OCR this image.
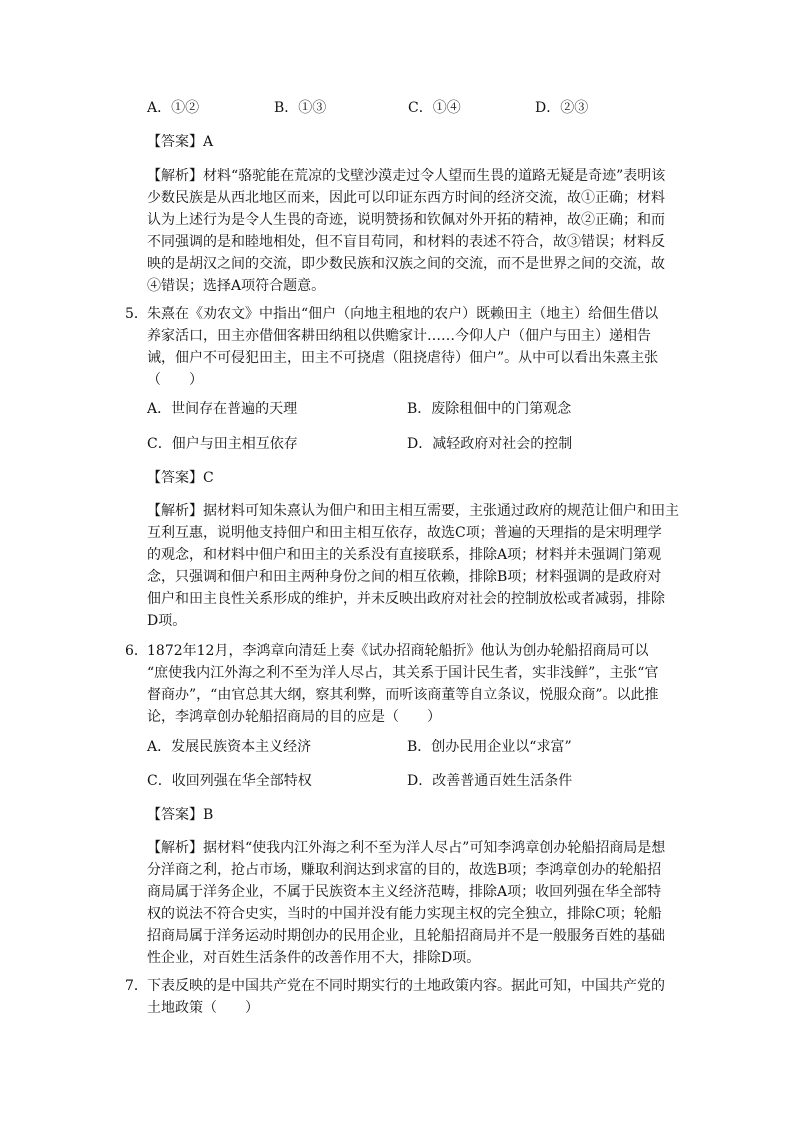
A．①②	B．①③	C．①④	D．②③
【答案】A
【解析】材料“骆驼能在荒凉的戈壁沙漠走过令人望而生畏的道路无疑是奇迹”表明该
少数民族是从西北地区而来，因此可以印证东西方时间的经济交流，故①正确；材料
认为上述行为是令人生畏的奇迹，说明赞扬和钦佩对外开拓的精神，故②正确；和而
不同强调的是和睦地相处，但不盲目苟同，和材料的表述不符合，故③错误；材料反
映的是胡汉之间的交流，即少数民族和汉族之间的交流，而不是世界之间的交流，故
④错误；选择A项符合题意。
5． 朱熹在《劝农文》中指出“佃户（向地主租地的农户）既赖田主（地主）给佃生借以
养家活口，田主亦借佃客耕田纳租以供赡家计……今仰人户（佃户与田主）递相告
诫，佃户不可侵犯田主，田主不可挠虐（阻挠虐待）佃户”。从中可以看出朱熹主张
（　　）
A．世间存在普遍的天理	B．废除租佃中的门第观念
C．佃户与田主相互依存	D．减轻政府对社会的控制
【答案】C
【解析】据材料可知朱熹认为佃户和田主相互需要，主张通过政府的规范让佃户和田主
互利互惠，说明他支持佃户和田主相互依存，故选C项；普遍的天理指的是宋明理学
的观念，和材料中佃户和田主的关系没有直接联系，排除A项；材料并未强调门第观
念，只强调和佃户和田主两种身份之间的相互依赖，排除B项；材料强调的是政府对
佃户和田主良性关系形成的维护，并未反映出政府对社会的控制放松或者减弱，排除
D项。
6． 1872年12月，李鸿章向清廷上奏《试办招商轮船折》他认为创办轮船招商局可以
“庶使我内江外海之利不至为洋人尽占，其关系于国计民生者，实非浅鲜”，主张“官
督商办”，“由官总其大纲，察其利弊，而听该商董等自立条议，悦服众商”。以此推
论，李鸿章创办轮船招商局的目的应是（　　）
A．发展民族资本主义经济	B．创办民用企业以“求富”
C．收回列强在华全部特权	D．改善普通百姓生活条件
【答案】B
【解析】据材料“使我内江外海之利不至为洋人尽占”可知李鸿章创办轮船招商局是想
分洋商之利，抢占市场，赚取利润达到求富的目的，故选B项；李鸿章创办的轮船招
商局属于洋务企业，不属于民族资本主义经济范畴，排除A项；收回列强在华全部特
权的说法不符合史实，当时的中国并没有能力实现主权的完全独立，排除C项；轮船
招商局属于洋务运动时期创办的民用企业，且轮船招商局并不是一般服务百姓的基础
性企业，对百姓生活条件的改善作用不大，排除D项。
7． 下表反映的是中国共产党在不同时期实行的土地政策内容。据此可知，中国共产党的
土地政策（　　）
